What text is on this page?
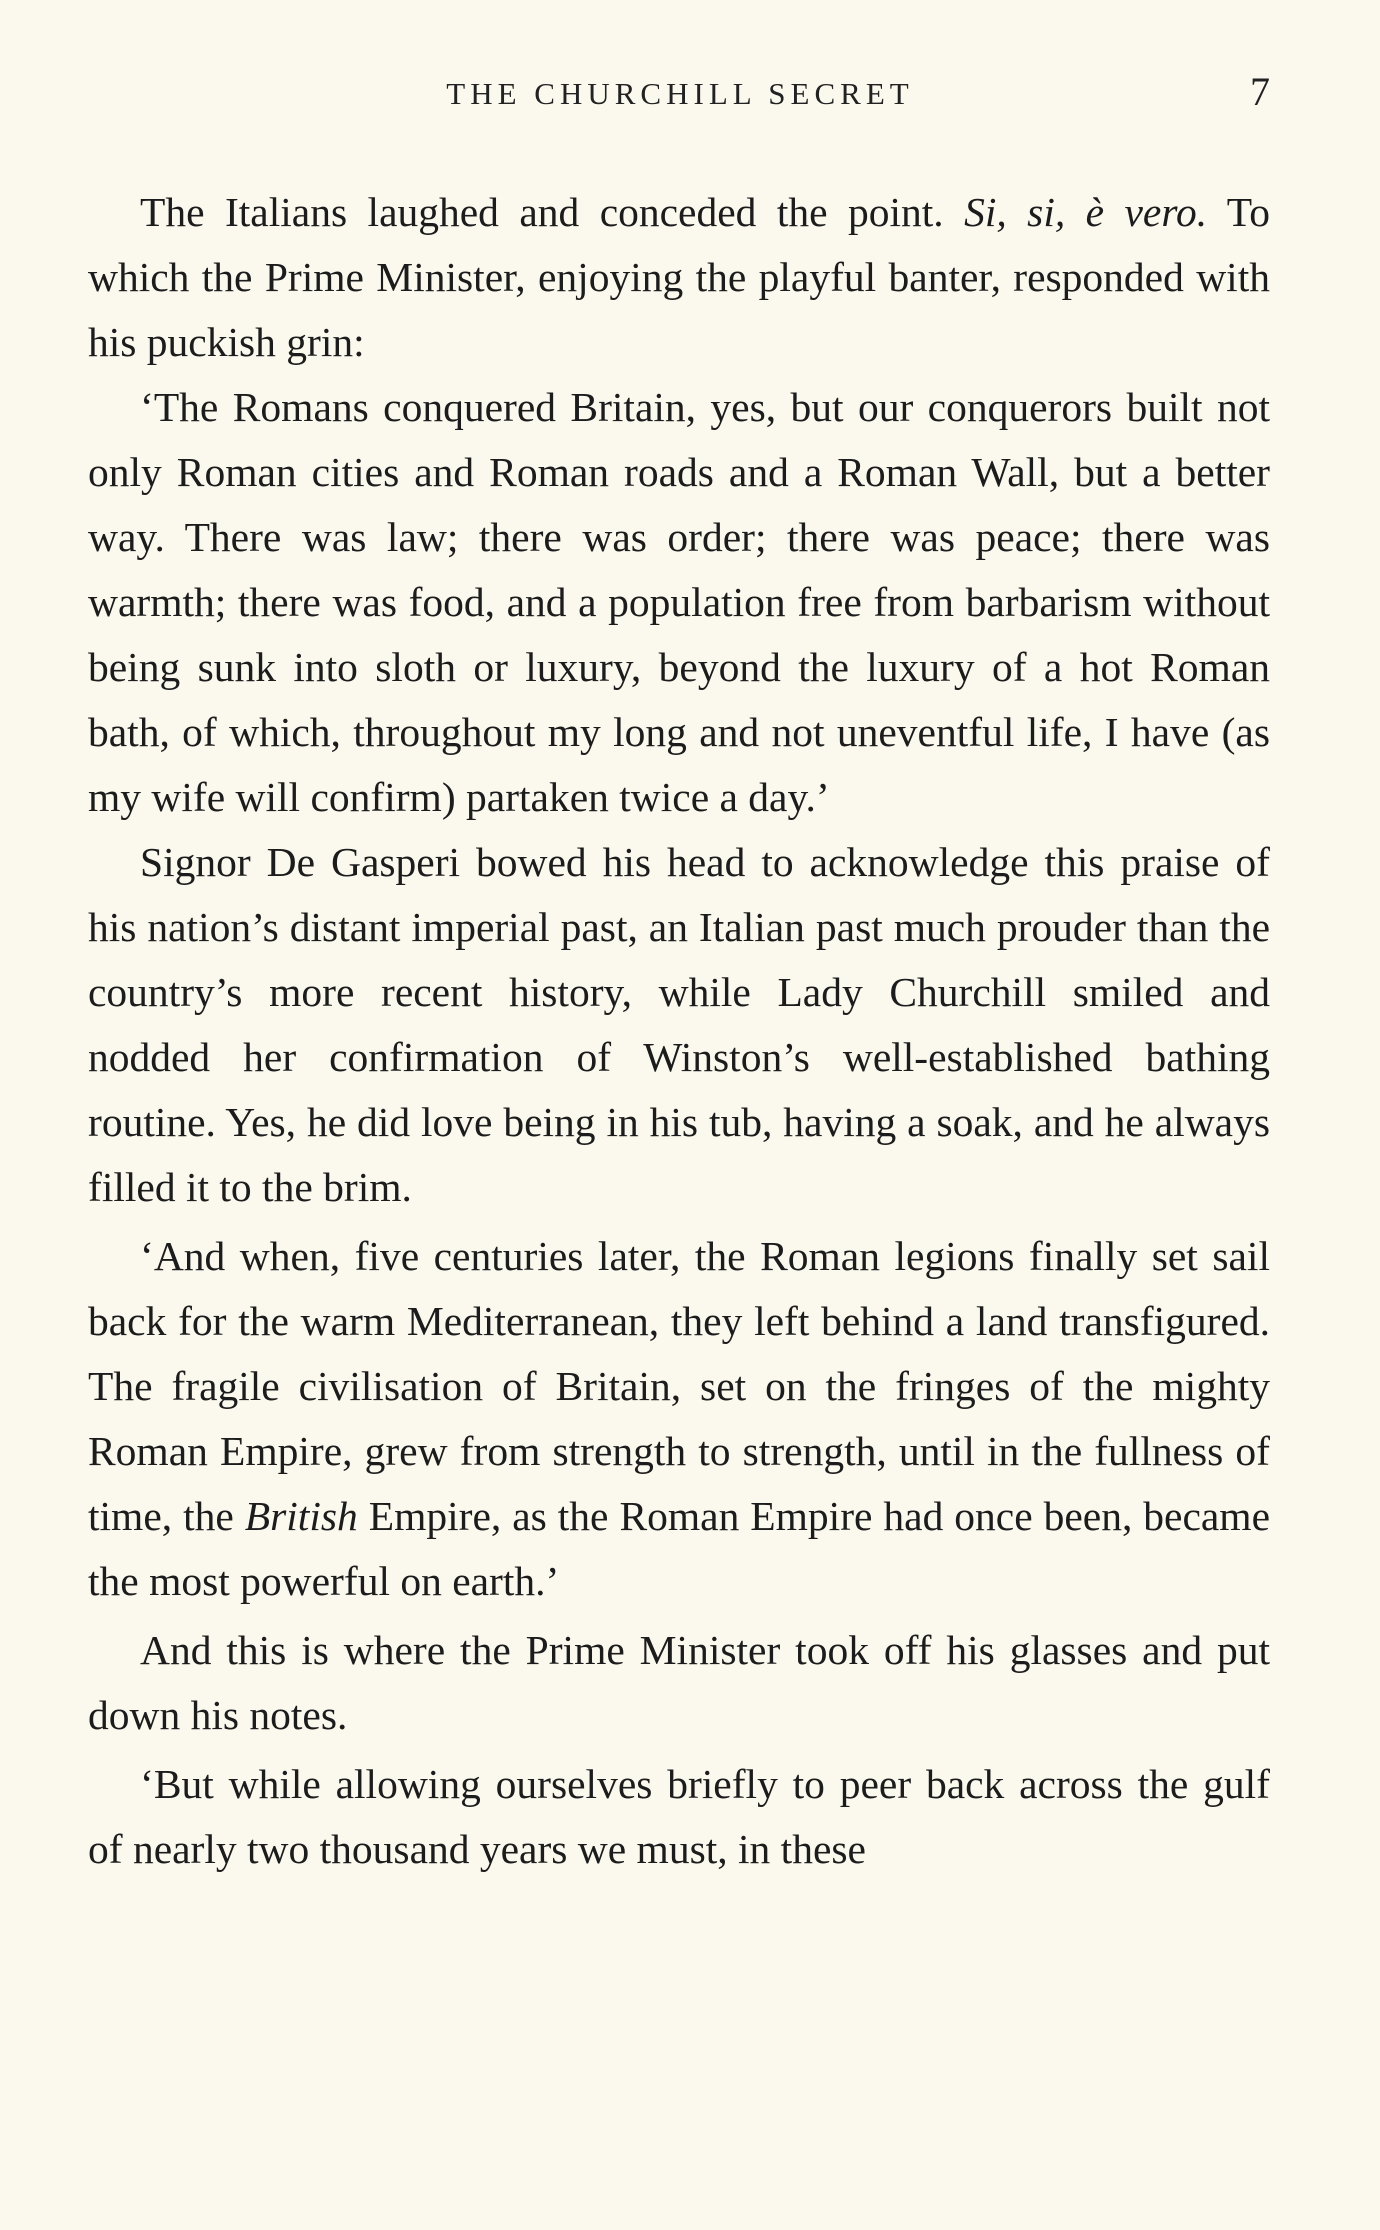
THE CHURCHILL SECRET	7

The Italians laughed and conceded the point. Si, si, è vero. To which the Prime Minister, enjoying the playful banter, responded with his puckish grin:

‘The Romans conquered Britain, yes, but our conquerors built not only Roman cities and Roman roads and a Roman Wall, but a better way. There was law; there was order; there was peace; there was warmth; there was food, and a population free from barbarism without being sunk into sloth or luxury, beyond the luxury of a hot Roman bath, of which, throughout my long and not uneventful life, I have (as my wife will confirm) partaken twice a day.’

Signor De Gasperi bowed his head to acknowledge this praise of his nation’s distant imperial past, an Italian past much prouder than the country’s more recent history, while Lady Churchill smiled and nodded her confirmation of Winston’s well-established bathing routine. Yes, he did love being in his tub, having a soak, and he always filled it to the brim.

‘And when, five centuries later, the Roman legions finally set sail back for the warm Mediterranean, they left behind a land transfigured. The fragile civilisation of Britain, set on the fringes of the mighty Roman Empire, grew from strength to strength, until in the fullness of time, the British Empire, as the Roman Empire had once been, became the most powerful on earth.’

And this is where the Prime Minister took off his glasses and put down his notes.

‘But while allowing ourselves briefly to peer back across the gulf of nearly two thousand years we must, in these
